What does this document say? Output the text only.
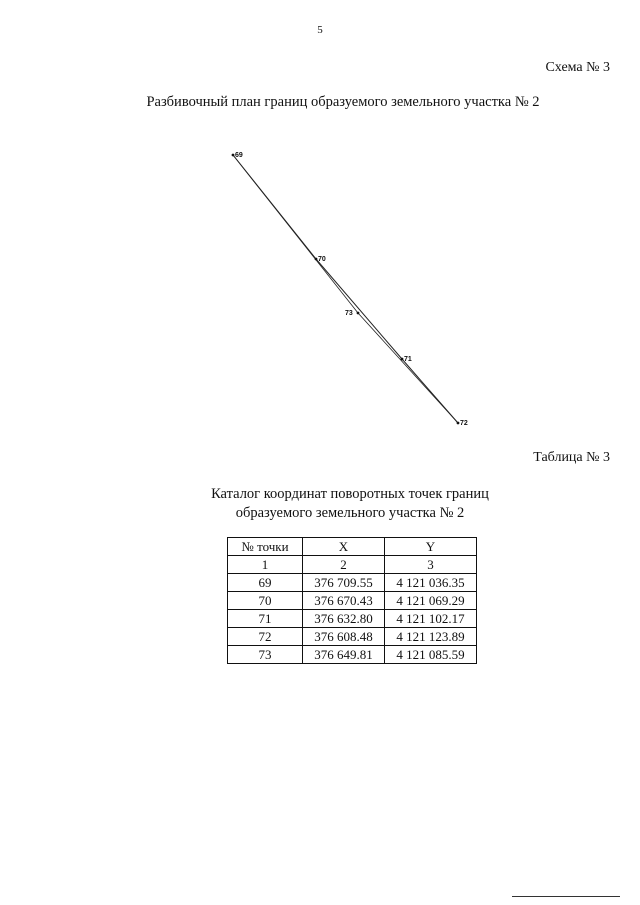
5
Схема № 3
Разбивочный план границ образуемого земельного участка № 2
69
70
73
71
72
Таблица № 3
Каталог координат поворотных точек границ
образуемого земельного участка № 2
№ точки	X	Y
1	2	3
69	376 709.55	4 121 036.35
70	376 670.43	4 121 069.29
71	376 632.80	4 121 102.17
72	376 608.48	4 121 123.89
73	376 649.81	4 121 085.59
